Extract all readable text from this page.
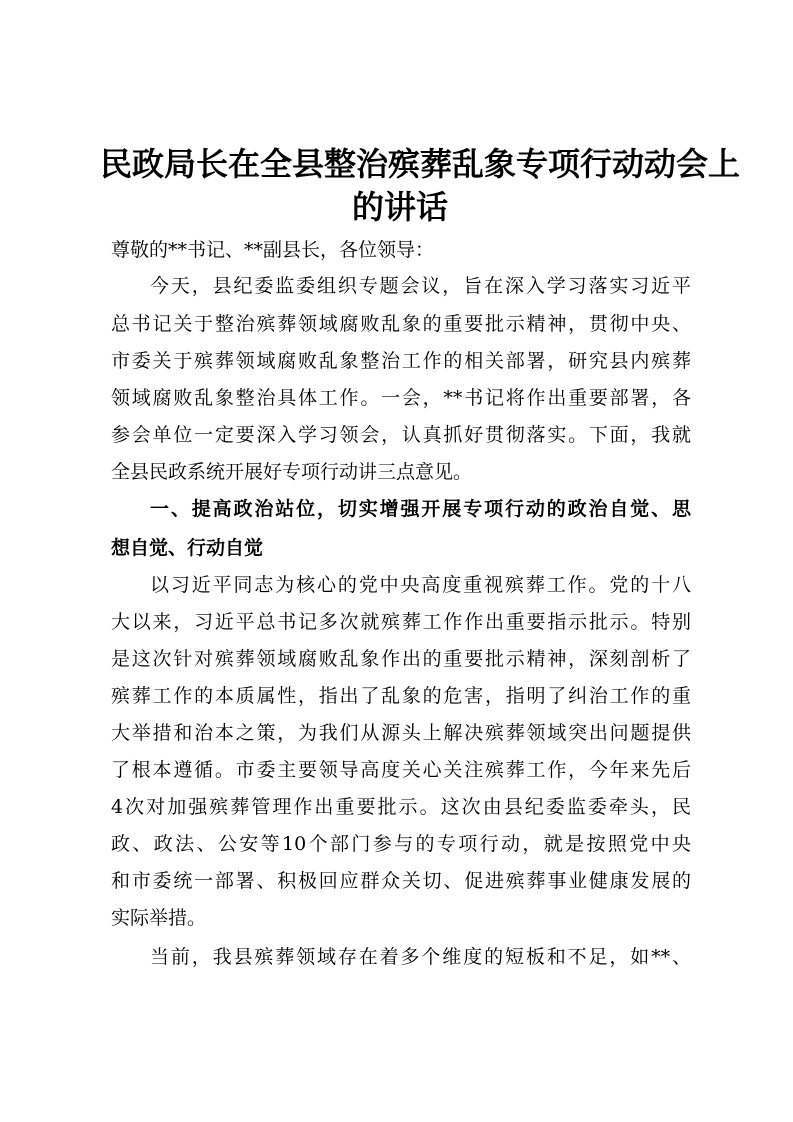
民政局长在全县整治殡葬乱象专项行动动会上
的讲话
尊敬的**书记、**副县长，各位领导：
今天，县纪委监委组织专题会议，旨在深入学习落实习近平
总书记关于整治殡葬领域腐败乱象的重要批示精神，贯彻中央、
市委关于殡葬领域腐败乱象整治工作的相关部署，研究县内殡葬
领域腐败乱象整治具体工作。一会，**书记将作出重要部署，各
参会单位一定要深入学习领会，认真抓好贯彻落实。下面，我就
全县民政系统开展好专项行动讲三点意见。
一、提高政治站位，切实增强开展专项行动的政治自觉、思
想自觉、行动自觉
以习近平同志为核心的党中央高度重视殡葬工作。党的十八
大以来，习近平总书记多次就殡葬工作作出重要指示批示。特别
是这次针对殡葬领域腐败乱象作出的重要批示精神，深刻剖析了
殡葬工作的本质属性，指出了乱象的危害，指明了纠治工作的重
大举措和治本之策，为我们从源头上解决殡葬领域突出问题提供
了根本遵循。市委主要领导高度关心关注殡葬工作，今年来先后
4次对加强殡葬管理作出重要批示。这次由县纪委监委牵头，民
政、政法、公安等10个部门参与的专项行动，就是按照党中央
和市委统一部署、积极回应群众关切、促进殡葬事业健康发展的
实际举措。
当前，我县殡葬领域存在着多个维度的短板和不足，如**、
